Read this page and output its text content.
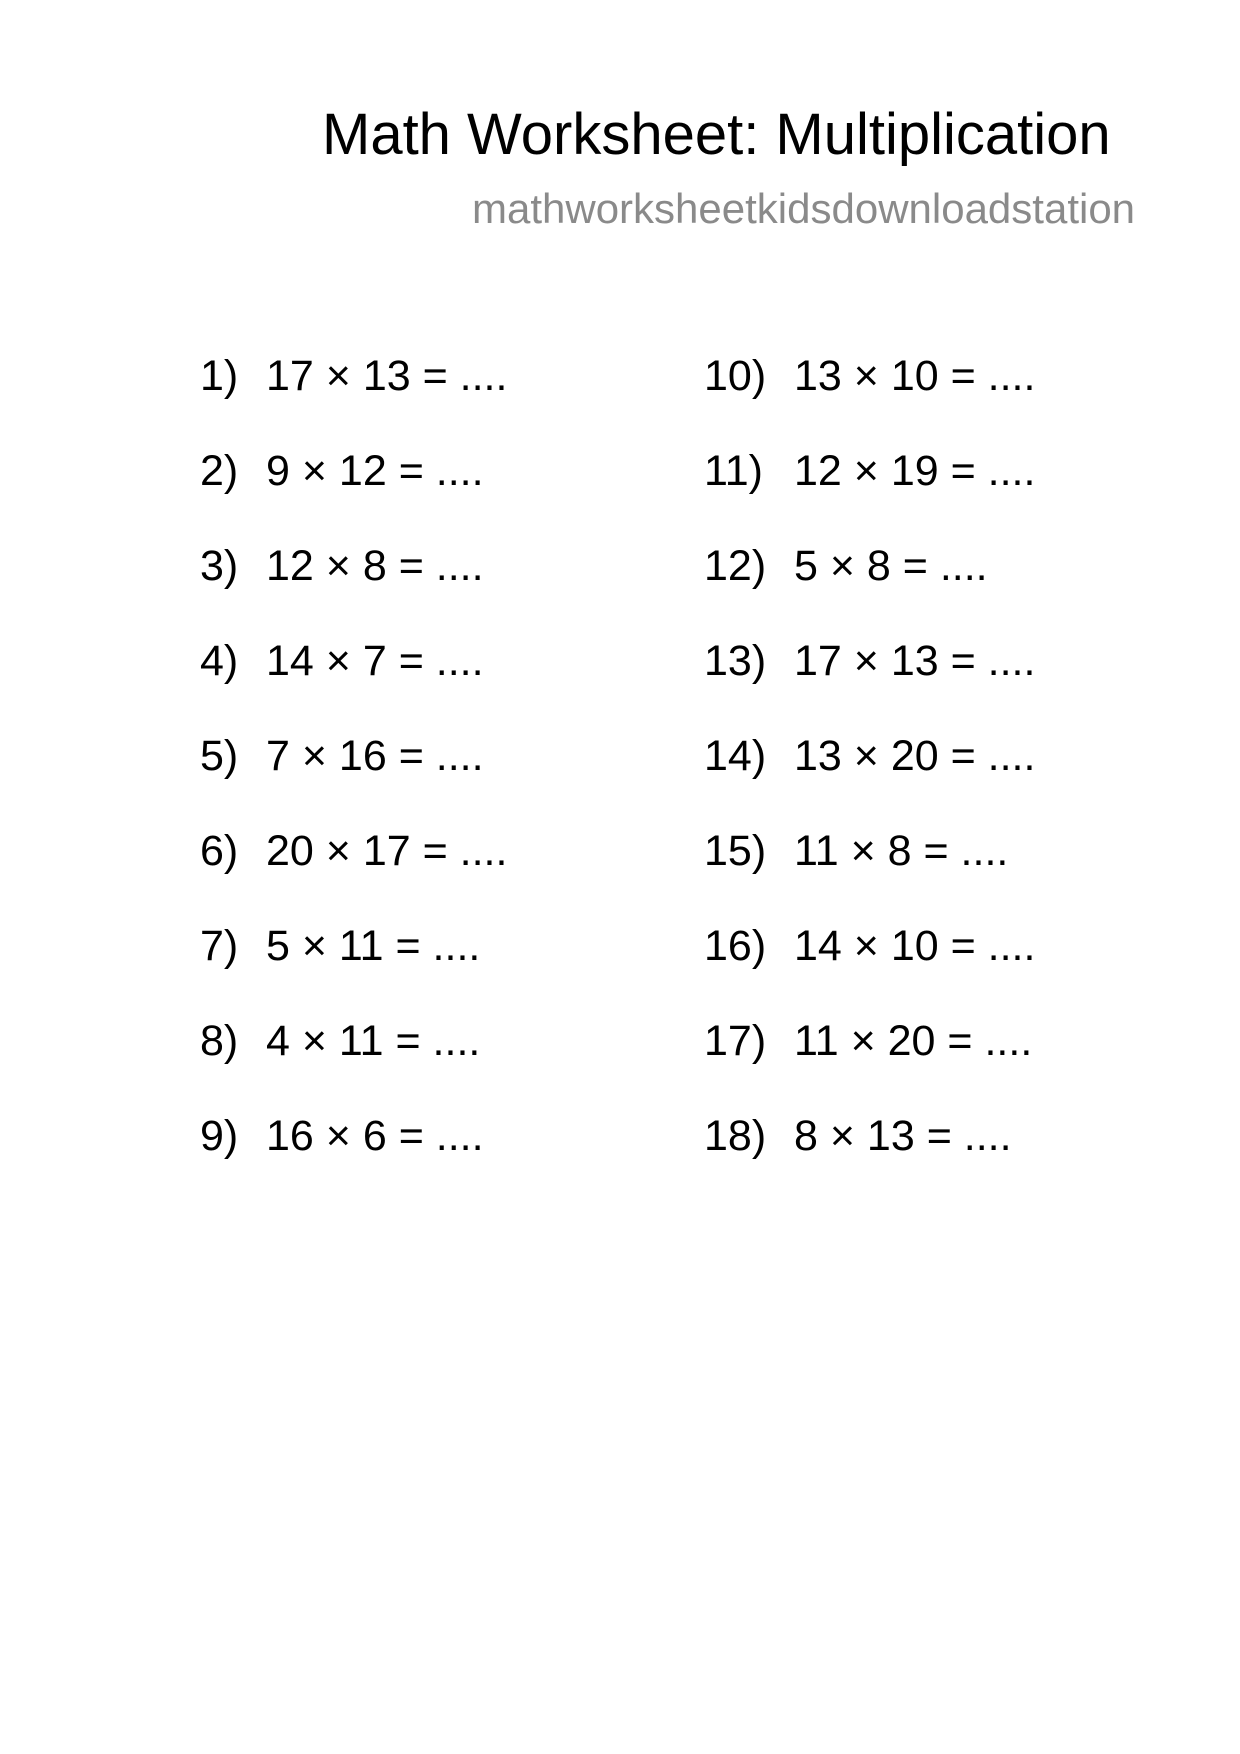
Math Worksheet: Multiplication
mathworksheetkidsdownloadstation
1) 17 × 13 = ....
2) 9 × 12 = ....
3) 12 × 8 = ....
4) 14 × 7 = ....
5) 7 × 16 = ....
6) 20 × 17 = ....
7) 5 × 11 = ....
8) 4 × 11 = ....
9) 16 × 6 = ....
10) 13 × 10 = ....
11) 12 × 19 = ....
12) 5 × 8 = ....
13) 17 × 13 = ....
14) 13 × 20 = ....
15) 11 × 8 = ....
16) 14 × 10 = ....
17) 11 × 20 = ....
18) 8 × 13 = ....
